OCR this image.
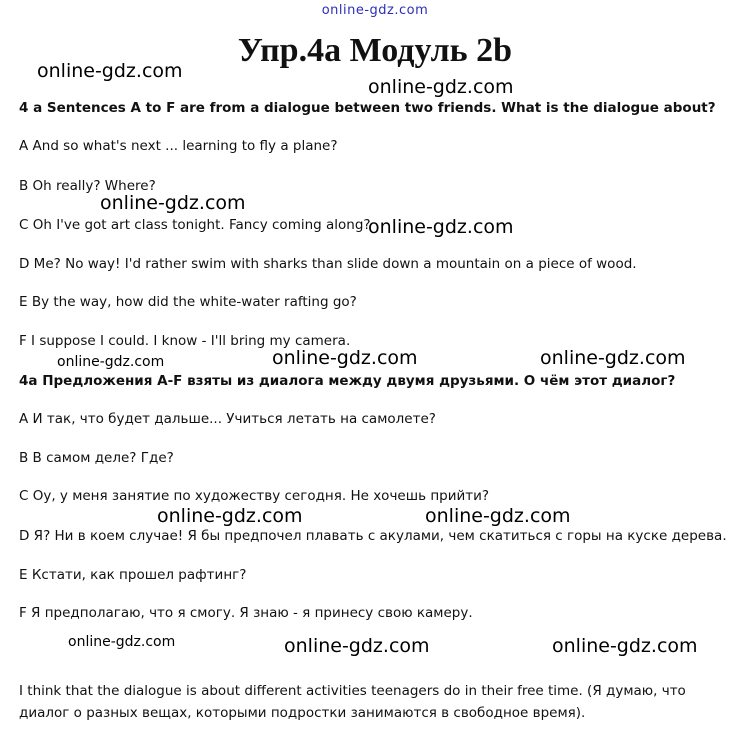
online-gdz.com
Упр.4a Модуль 2b
4 a Sentences A to F are from a dialogue between two friends. What is the dialogue about?
A And so what's next ... learning to fly a plane?
B Oh really? Where?
C Oh I've got art class tonight. Fancy coming along?
D Me? No way! I'd rather swim with sharks than slide down a mountain on a piece of wood.
E By the way, how did the white-water rafting go?
F I suppose I could. I know - I'll bring my camera.
4a Предложения A-F взяты из диалога между двумя друзьями. О чём этот диалог?
A И так, что будет дальше... Учиться летать на самолете?
B В самом деле? Где?
C Оу, у меня занятие по художеству сегодня. Не хочешь прийти?
D Я? Ни в коем случае! Я бы предпочел плавать с акулами, чем скатиться с горы на куске дерева.
E Кстати, как прошел рафтинг?
F Я предполагаю, что я смогу. Я знаю - я принесу свою камеру.
I think that the dialogue is about different activities teenagers do in their free time. (Я думаю, что диалог о разных вещах, которыми подростки занимаются в свободное время).
online-gdz.com
online-gdz.com
online-gdz.com
online-gdz.com
online-gdz.com	online-gdz.com	online-gdz.com
online-gdz.com	online-gdz.com
online-gdz.com	online-gdz.com	online-gdz.com
